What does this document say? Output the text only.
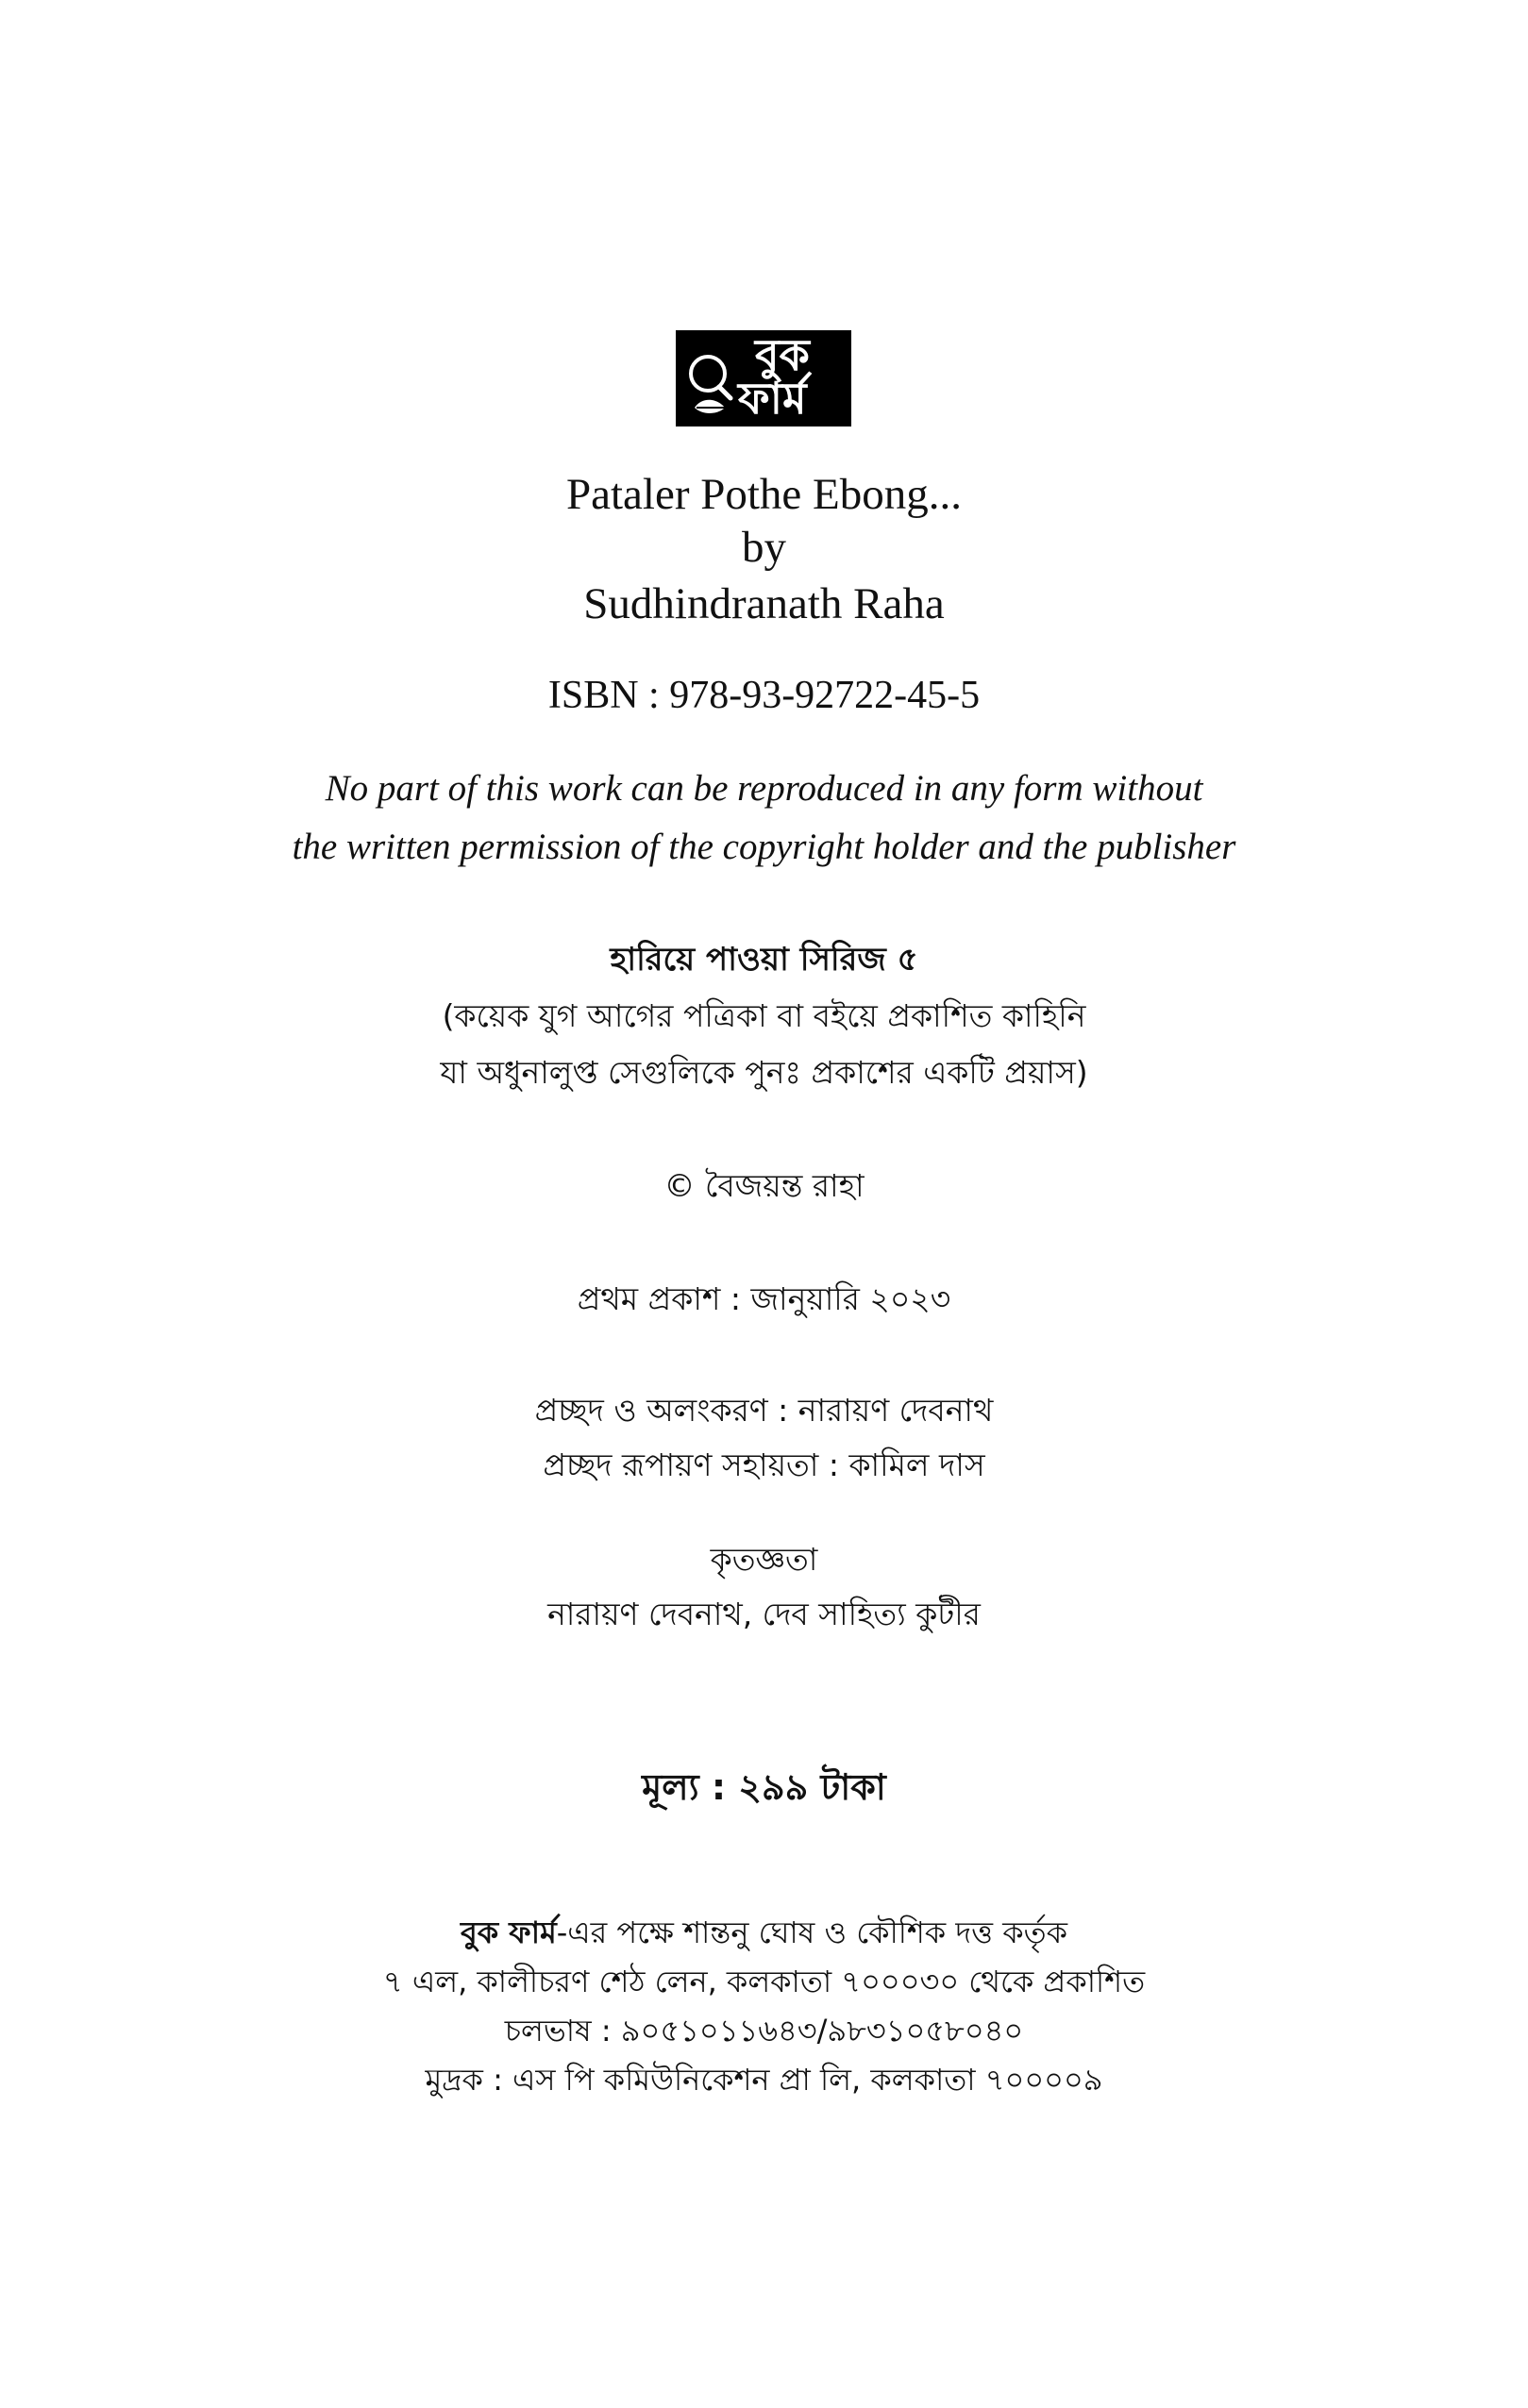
বুক
ফার্ম
Pataler Pothe Ebong...
by
Sudhindranath Raha
ISBN : 978-93-92722-45-5
No part of this work can be reproduced in any form without
the written permission of the copyright holder and the publisher
হারিয়ে পাওয়া সিরিজ ৫
(কয়েক যুগ আগের পত্রিকা বা বইয়ে প্রকাশিত কাহিনি
যা অধুনালুপ্ত সেগুলিকে পুনঃ প্রকাশের একটি প্রয়াস)
© বৈজয়ন্ত রাহা
প্রথম প্রকাশ : জানুয়ারি ২০২৩
প্রচ্ছদ ও অলংকরণ : নারায়ণ দেবনাথ
প্রচ্ছদ রূপায়ণ সহায়তা : কামিল দাস
কৃতজ্ঞতা
নারায়ণ দেবনাথ, দেব সাহিত্য কুটীর
মূল্য : ২৯৯ টাকা
বুক ফার্ম-এর পক্ষে শান্তনু ঘোষ ও কৌশিক দত্ত কর্তৃক
৭ এল, কালীচরণ শেঠ লেন, কলকাতা ৭০০০৩০ থেকে প্রকাশিত
চলভাষ : ৯০৫১০১১৬৪৩/৯৮৩১০৫৮০৪০
মুদ্রক : এস পি কমিউনিকেশন প্রা লি, কলকাতা ৭০০০০৯
